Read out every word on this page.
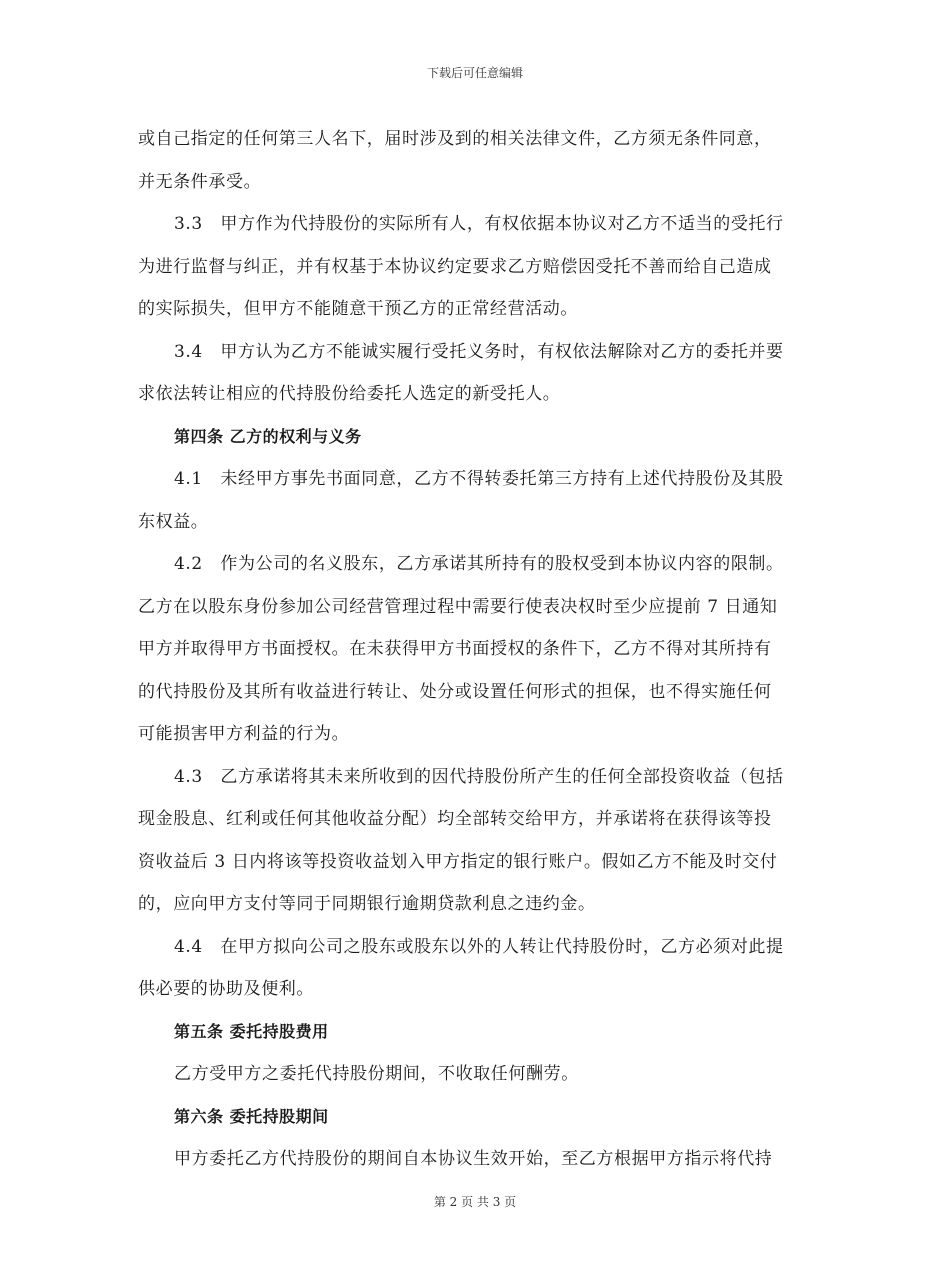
下载后可任意编辑
或自己指定的任何第三人名下，届时涉及到的相关法律文件，乙方须无条件同意，
并无条件承受。
3.3　甲方作为代持股份的实际所有人，有权依据本协议对乙方不适当的受托行
为进行监督与纠正，并有权基于本协议约定要求乙方赔偿因受托不善而给自己造成
的实际损失，但甲方不能随意干预乙方的正常经营活动。
3.4　甲方认为乙方不能诚实履行受托义务时，有权依法解除对乙方的委托并要
求依法转让相应的代持股份给委托人选定的新受托人。
第四条 乙方的权利与义务
4.1　未经甲方事先书面同意，乙方不得转委托第三方持有上述代持股份及其股
东权益。
4.2　作为公司的名义股东，乙方承诺其所持有的股权受到本协议内容的限制。
乙方在以股东身份参加公司经营管理过程中需要行使表决权时至少应提前 7 日通知
甲方并取得甲方书面授权。在未获得甲方书面授权的条件下，乙方不得对其所持有
的代持股份及其所有收益进行转让、处分或设置任何形式的担保，也不得实施任何
可能损害甲方利益的行为。
4.3　乙方承诺将其未来所收到的因代持股份所产生的任何全部投资收益（包括
现金股息、红利或任何其他收益分配）均全部转交给甲方，并承诺将在获得该等投
资收益后 3 日内将该等投资收益划入甲方指定的银行账户。假如乙方不能及时交付
的，应向甲方支付等同于同期银行逾期贷款利息之违约金。
4.4　在甲方拟向公司之股东或股东以外的人转让代持股份时，乙方必须对此提
供必要的协助及便利。
第五条 委托持股费用
乙方受甲方之委托代持股份期间，不收取任何酬劳。
第六条 委托持股期间
甲方委托乙方代持股份的期间自本协议生效开始，至乙方根据甲方指示将代持
第 2 页 共 3 页
